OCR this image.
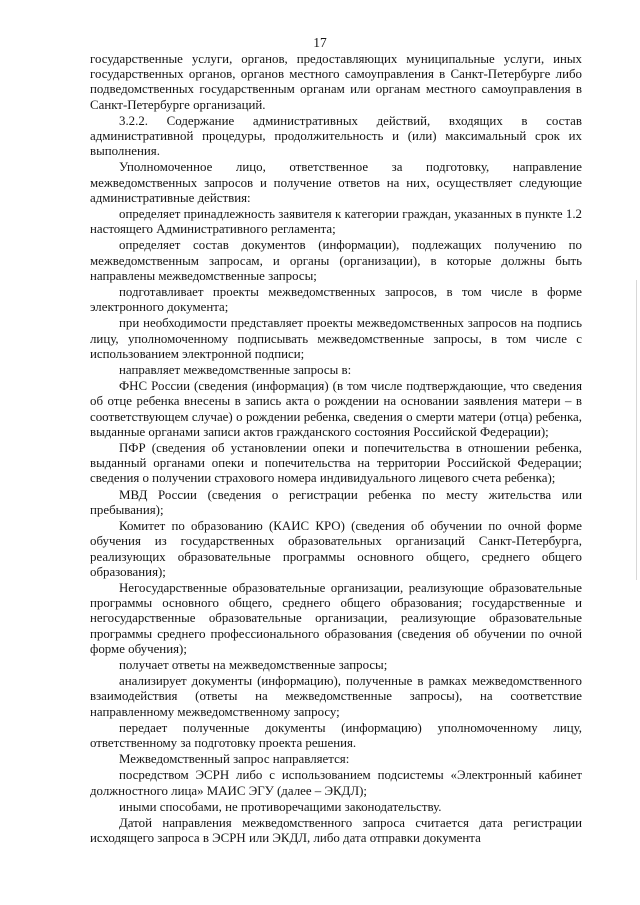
17

государственные услуги, органов, предоставляющих муниципальные услуги, иных государственных органов, органов местного самоуправления в Санкт-Петербурге либо подведомственных государственным органам или органам местного самоуправления в Санкт-Петербурге организаций.

3.2.2. Содержание административных действий, входящих в состав административной процедуры, продолжительность и (или) максимальный срок их выполнения.

Уполномоченное лицо, ответственное за подготовку, направление межведомственных запросов и получение ответов на них, осуществляет следующие административные действия:

определяет принадлежность заявителя к категории граждан, указанных в пункте 1.2 настоящего Административного регламента;

определяет состав документов (информации), подлежащих получению по межведомственным запросам, и органы (организации), в которые должны быть направлены межведомственные запросы;

подготавливает проекты межведомственных запросов, в том числе в форме электронного документа;

при необходимости представляет проекты межведомственных запросов на подпись лицу, уполномоченному подписывать межведомственные запросы, в том числе с использованием электронной подписи;

направляет межведомственные запросы в:

ФНС России (сведения (информация) (в том числе подтверждающие, что сведения об отце ребенка внесены в запись акта о рождении на основании заявления матери – в соответствующем случае) о рождении ребенка, сведения о смерти матери (отца) ребенка, выданные органами записи актов гражданского состояния Российской Федерации);

ПФР (сведения об установлении опеки и попечительства в отношении ребенка, выданный органами опеки и попечительства на территории Российской Федерации; сведения о получении страхового номера индивидуального лицевого счета ребенка);

МВД России (сведения о регистрации ребенка по месту жительства или пребывания);

Комитет по образованию (КАИС КРО) (сведения об обучении по очной форме обучения из государственных образовательных организаций Санкт-Петербурга, реализующих образовательные программы основного общего, среднего общего образования);

Негосударственные образовательные организации, реализующие образовательные программы основного общего, среднего общего образования; государственные и негосударственные образовательные организации, реализующие образовательные программы среднего профессионального образования (сведения об обучении по очной форме обучения);

получает ответы на межведомственные запросы;

анализирует документы (информацию), полученные в рамках межведомственного взаимодействия (ответы на межведомственные запросы), на соответствие направленному межведомственному запросу;

передает полученные документы (информацию) уполномоченному лицу, ответственному за подготовку проекта решения.

Межведомственный запрос направляется:

посредством ЭСРН либо с использованием подсистемы «Электронный кабинет должностного лица» МАИС ЭГУ (далее – ЭКДЛ);

иными способами, не противоречащими законодательству.

Датой направления межведомственного запроса считается дата регистрации исходящего запроса в ЭСРН или ЭКДЛ, либо дата отправки документа
